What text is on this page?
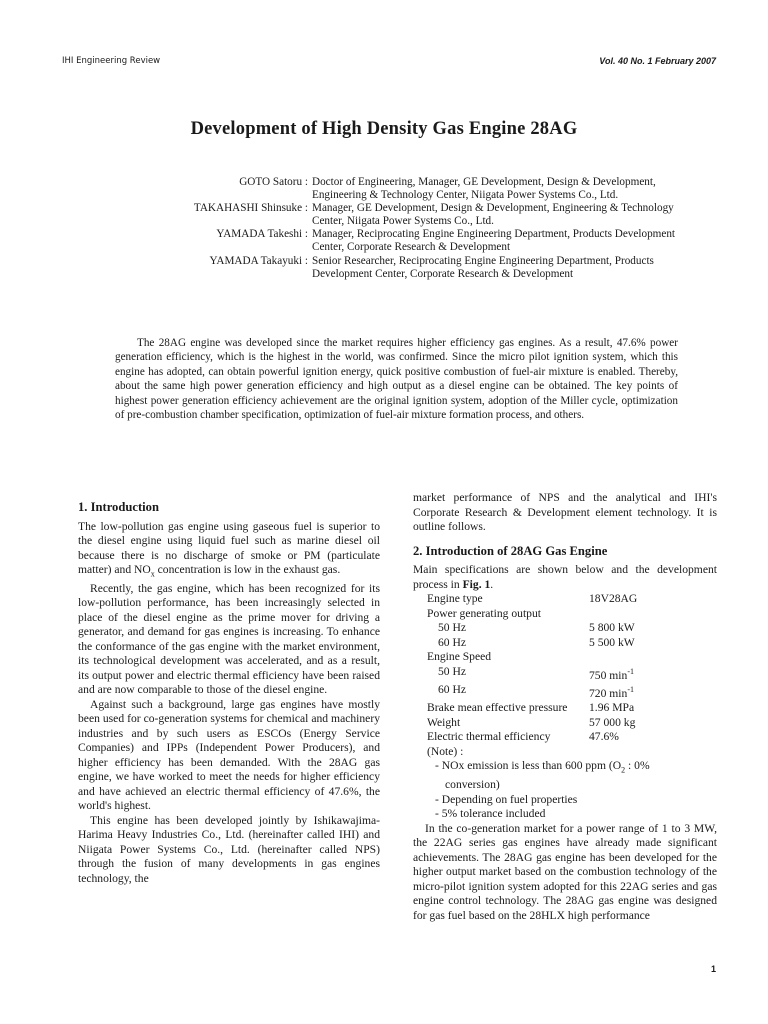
IHI Engineering Review	Vol. 40 No. 1 February 2007
Development of High Density Gas Engine 28AG
GOTO Satoru : Doctor of Engineering, Manager, GE Development, Design & Development, Engineering & Technology Center, Niigata Power Systems Co., Ltd.
TAKAHASHI Shinsuke : Manager, GE Development, Design & Development, Engineering & Technology Center, Niigata Power Systems Co., Ltd.
YAMADA Takeshi : Manager, Reciprocating Engine Engineering Department, Products Development Center, Corporate Research & Development
YAMADA Takayuki : Senior Researcher, Reciprocating Engine Engineering Department, Products Development Center, Corporate Research & Development

The 28AG engine was developed since the market requires higher efficiency gas engines. As a result, 47.6% power generation efficiency, which is the highest in the world, was confirmed. Since the micro pilot ignition system, which this engine has adopted, can obtain powerful ignition energy, quick positive combustion of fuel-air mixture is enabled. Thereby, about the same high power generation efficiency and high output as a diesel engine can be obtained. The key points of highest power generation efficiency achievement are the original ignition system, adoption of the Miller cycle, optimization of pre-combustion chamber specification, optimization of fuel-air mixture formation process, and others.

1. Introduction

The low-pollution gas engine using gaseous fuel is superior to the diesel engine using liquid fuel such as marine diesel oil because there is no discharge of smoke or PM (particulate matter) and $NO_x$ concentration is low in the exhaust gas.

Recently, the gas engine, which has been recognized for its low-pollution performance, has been increasingly selected in place of the diesel engine as the prime mover for driving a generator, and demand for gas engines is increasing. To enhance the conformance of the gas engine with the market environment, its technological development was accelerated, and as a result, its output power and electric thermal efficiency have been raised and are now comparable to those of the diesel engine.

Against such a background, large gas engines have mostly been used for co-generation systems for chemical and machinery industries and by such users as ESCOs (Energy Service Companies) and IPPs (Independent Power Producers), and higher efficiency has been demanded. With the 28AG gas engine, we have worked to meet the needs for higher efficiency and have achieved an electric thermal efficiency of 47.6%, the world's highest.

This engine has been developed jointly by Ishikawajima-Harima Heavy Industries Co., Ltd. (hereinafter called IHI) and Niigata Power Systems Co., Ltd. (hereinafter called NPS) through the fusion of many developments in gas engines technology, the

market performance of NPS and the analytical and IHI's Corporate Research & Development element technology. It is outline follows.

2. Introduction of 28AG Gas Engine

Main specifications are shown below and the development process in Fig. 1.

Engine type	18V28AG
Power generating output
50 Hz	5 800 kW
60 Hz	5 500 kW
Engine Speed
50 Hz	750 $\min^{-1}$
60 Hz	720 $\min^{-1}$
Brake mean effective pressure	1.96 MPa
Weight	57 000 kg
Electric thermal efficiency	47.6%
(Note) :
- NOx emission is less than 600 ppm ($O_2$ : 0%
conversion)
- Depending on fuel properties
- 5% tolerance included

In the co-generation market for a power range of 1 to 3 MW, the 22AG series gas engines have already made significant achievements. The 28AG gas engine has been developed for the higher output market based on the combustion technology of the micro-pilot ignition system adopted for this 22AG series and gas engine control technology. The 28AG gas engine was designed for gas fuel based on the 28HLX high performance

1
